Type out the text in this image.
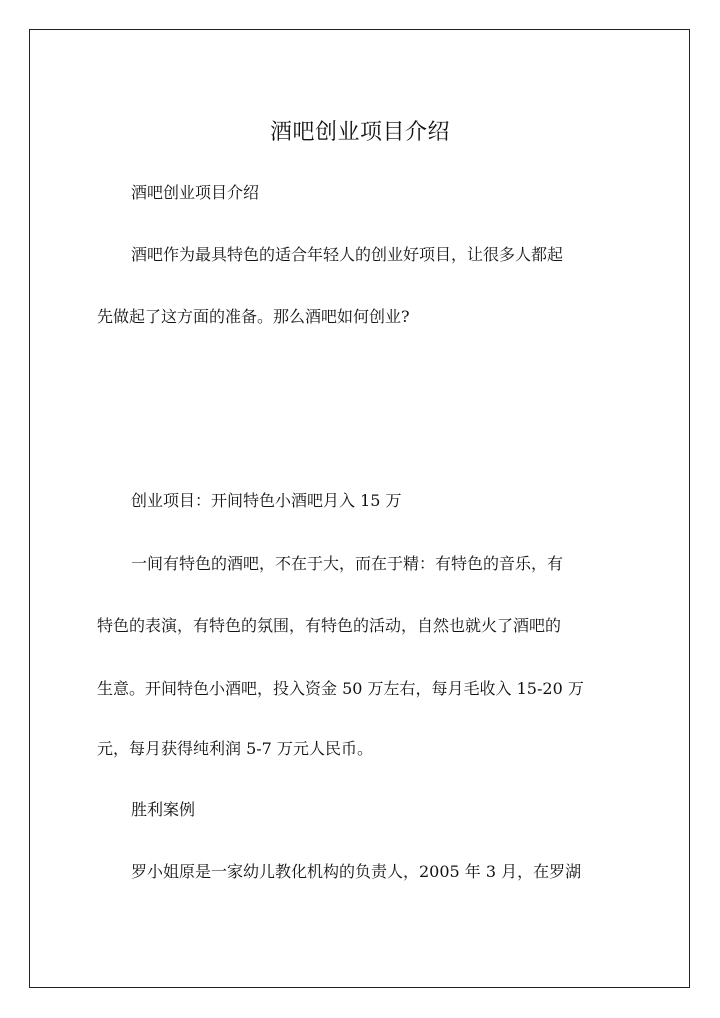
酒吧创业项目介绍
酒吧创业项目介绍
酒吧作为最具特色的适合年轻人的创业好项目，让很多人都起
先做起了这方面的准备。那么酒吧如何创业?
创业项目：开间特色小酒吧月入 15 万
一间有特色的酒吧，不在于大，而在于精：有特色的音乐，有
特色的表演，有特色的氛围，有特色的活动，自然也就火了酒吧的
生意。开间特色小酒吧，投入资金 50 万左右，每月毛收入 15-20 万
元，每月获得纯利润 5-7 万元人民币。
胜利案例
罗小姐原是一家幼儿教化机构的负责人，2005 年 3 月，在罗湖
